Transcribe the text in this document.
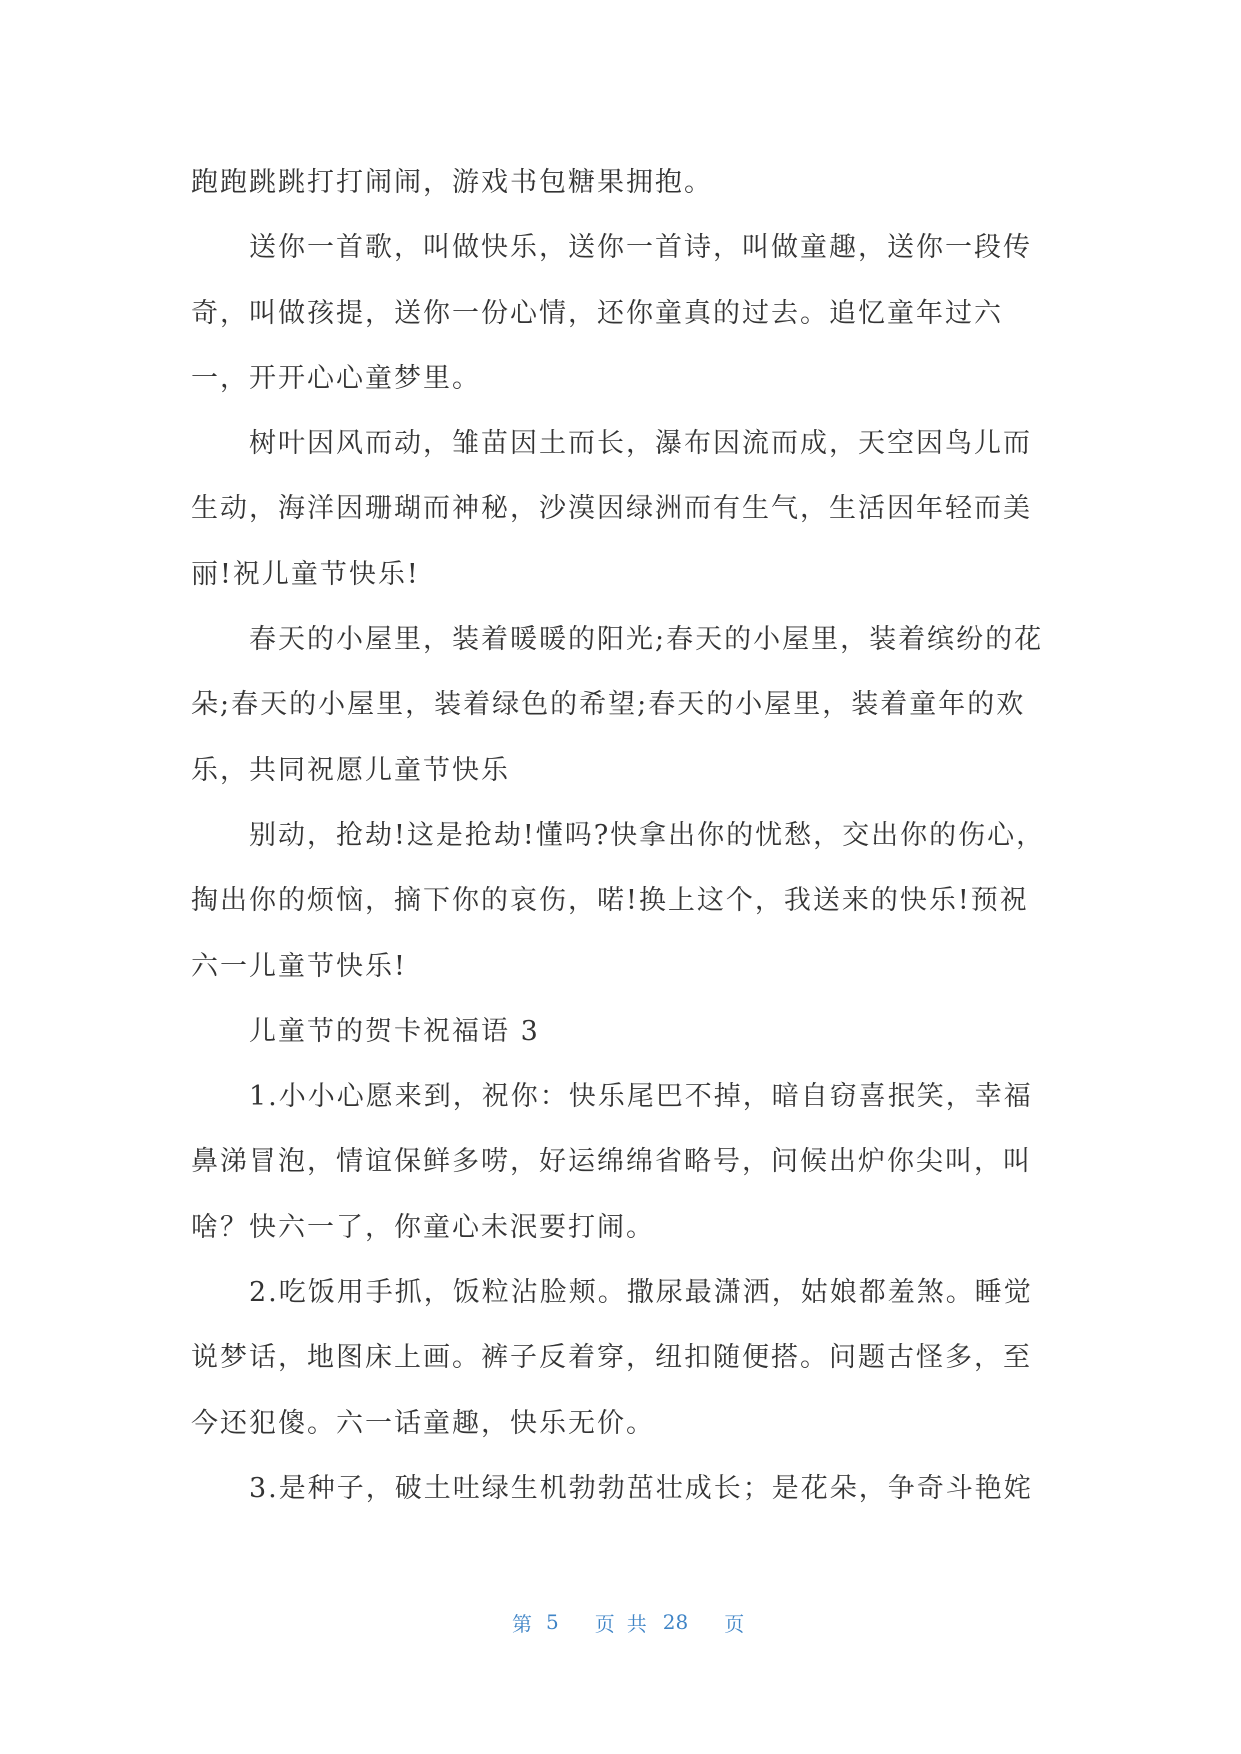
跑跑跳跳打打闹闹，游戏书包糖果拥抱。
送你一首歌，叫做快乐，送你一首诗，叫做童趣，送你一段传
奇，叫做孩提，送你一份心情，还你童真的过去。追忆童年过六
一，开开心心童梦里。
树叶因风而动，雏苗因土而长，瀑布因流而成，天空因鸟儿而
生动，海洋因珊瑚而神秘，沙漠因绿洲而有生气，生活因年轻而美
丽!祝儿童节快乐!
春天的小屋里，装着暖暖的阳光;春天的小屋里，装着缤纷的花
朵;春天的小屋里，装着绿色的希望;春天的小屋里，装着童年的欢
乐，共同祝愿儿童节快乐
别动，抢劫!这是抢劫!懂吗?快拿出你的忧愁，交出你的伤心，
掏出你的烦恼，摘下你的哀伤，喏!换上这个，我送来的快乐!预祝
六一儿童节快乐!
儿童节的贺卡祝福语 3
1.小小心愿来到，祝你：快乐尾巴不掉，暗自窃喜抿笑，幸福
鼻涕冒泡，情谊保鲜多唠，好运绵绵省略号，问候出炉你尖叫，叫
啥？快六一了，你童心未泯要打闹。
2.吃饭用手抓，饭粒沾脸颊。撒尿最潇洒，姑娘都羞煞。睡觉
说梦话，地图床上画。裤子反着穿，纽扣随便搭。问题古怪多，至
今还犯傻。六一话童趣，快乐无价。
3.是种子，破土吐绿生机勃勃茁壮成长；是花朵，争奇斗艳姹
第 5 页共 28 页
